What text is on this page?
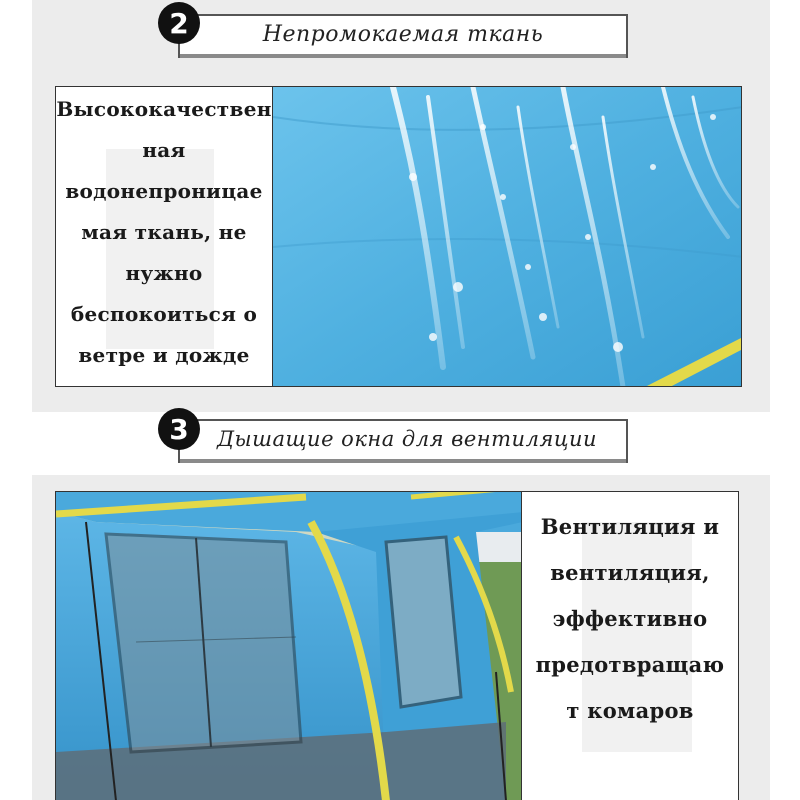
Непромокаемая ткань
2
Высококачествен
ная
водонепроницае
мая ткань, не
нужно
беспокоиться о
ветре и дожде
Дышащие окна для вентиляции
3
Вентиляция и
вентиляция,
эффективно
предотвращаю
т комаров
